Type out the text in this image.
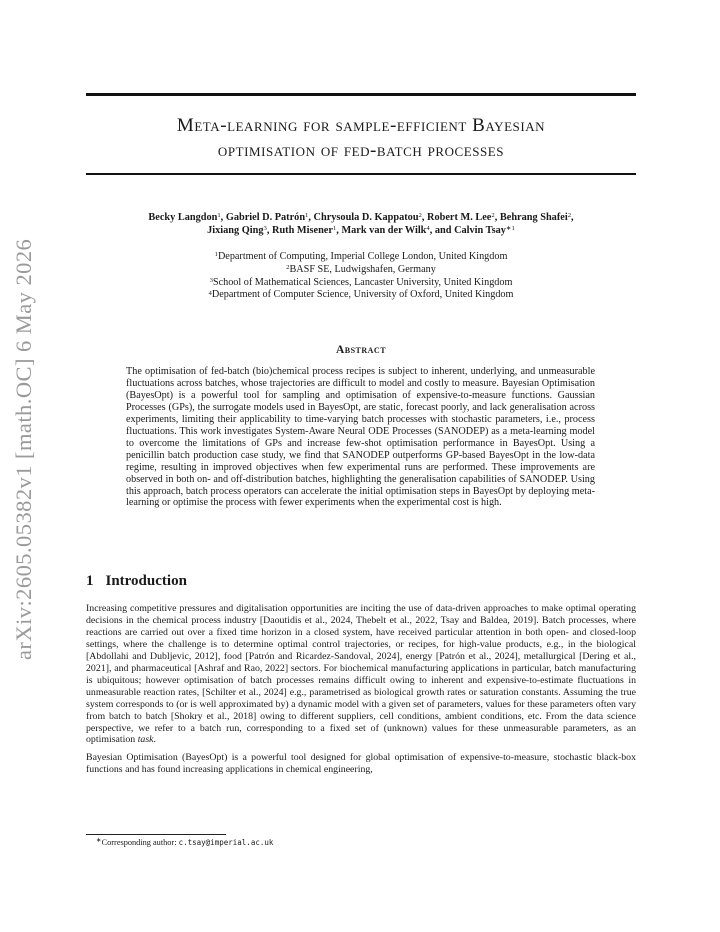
arXiv:2605.05382v1 [math.OC] 6 May 2026
Meta-learning for sample-efficient Bayesian
optimisation of fed-batch processes
Becky Langdon$^1$, Gabriel D. Patrón$^1$, Chrysoula D. Kappatou$^2$, Robert M. Lee$^2$, Behrang Shafei$^2$,
Jixiang Qing$^3$, Ruth Misener$^1$, Mark van der Wilk$^4$, and Calvin Tsay$^{∗1}$
$^1$Department of Computing, Imperial College London, United Kingdom
$^2$BASF SE, Ludwigshafen, Germany
$^3$School of Mathematical Sciences, Lancaster University, United Kingdom
$^4$Department of Computer Science, University of Oxford, United Kingdom
Abstract
The optimisation of fed-batch (bio)chemical process recipes is subject to inherent, underlying, and unmeasurable fluctuations across batches, whose trajectories are difficult to model and costly to measure. Bayesian Optimisation (BayesOpt) is a powerful tool for sampling and optimisation of expensive-to-measure functions. Gaussian Processes (GPs), the surrogate models used in BayesOpt, are static, forecast poorly, and lack generalisation across experiments, limiting their applicability to time-varying batch processes with stochastic parameters, i.e., process fluctuations. This work investigates System-Aware Neural ODE Processes (SANODEP) as a meta-learning model to overcome the limitations of GPs and increase few-shot optimisation performance in BayesOpt. Using a penicillin batch production case study, we find that SANODEP outperforms GP-based BayesOpt in the low-data regime, resulting in improved objectives when few experimental runs are performed. These improvements are observed in both on- and off-distribution batches, highlighting the generalisation capabilities of SANODEP. Using this approach, batch process operators can accelerate the initial optimisation steps in BayesOpt by deploying meta-learning or optimise the process with fewer experiments when the experimental cost is high.
1 Introduction

Increasing competitive pressures and digitalisation opportunities are inciting the use of data-driven approaches to make optimal operating decisions in the chemical process industry [Daoutidis et al., 2024, Thebelt et al., 2022, Tsay and Baldea, 2019]. Batch processes, where reactions are carried out over a fixed time horizon in a closed system, have received particular attention in both open- and closed-loop settings, where the challenge is to determine optimal control trajectories, or recipes, for high-value products, e.g., in the biological [Abdollahi and Dubljevic, 2012], food [Patrón and Ricardez-Sandoval, 2024], energy [Patrón et al., 2024], metallurgical [Dering et al., 2021], and pharmaceutical [Ashraf and Rao, 2022] sectors. For biochemical manufacturing applications in particular, batch manufacturing is ubiquitous; however optimisation of batch processes remains difficult owing to inherent and expensive-to-estimate fluctuations in unmeasurable reaction rates, [Schilter et al., 2024] e.g., parametrised as biological growth rates or saturation constants. Assuming the true system corresponds to (or is well approximated by) a dynamic model with a given set of parameters, values for these parameters often vary from batch to batch [Shokry et al., 2018] owing to different suppliers, cell conditions, ambient conditions, etc. From the data science perspective, we refer to a batch run, corresponding to a fixed set of (unknown) values for these unmeasurable parameters, as an optimisation task.

Bayesian Optimisation (BayesOpt) is a powerful tool designed for global optimisation of expensive-to-measure, stochastic black-box functions and has found increasing applications in chemical engineering,

∗Corresponding author: c.tsay@imperial.ac.uk
